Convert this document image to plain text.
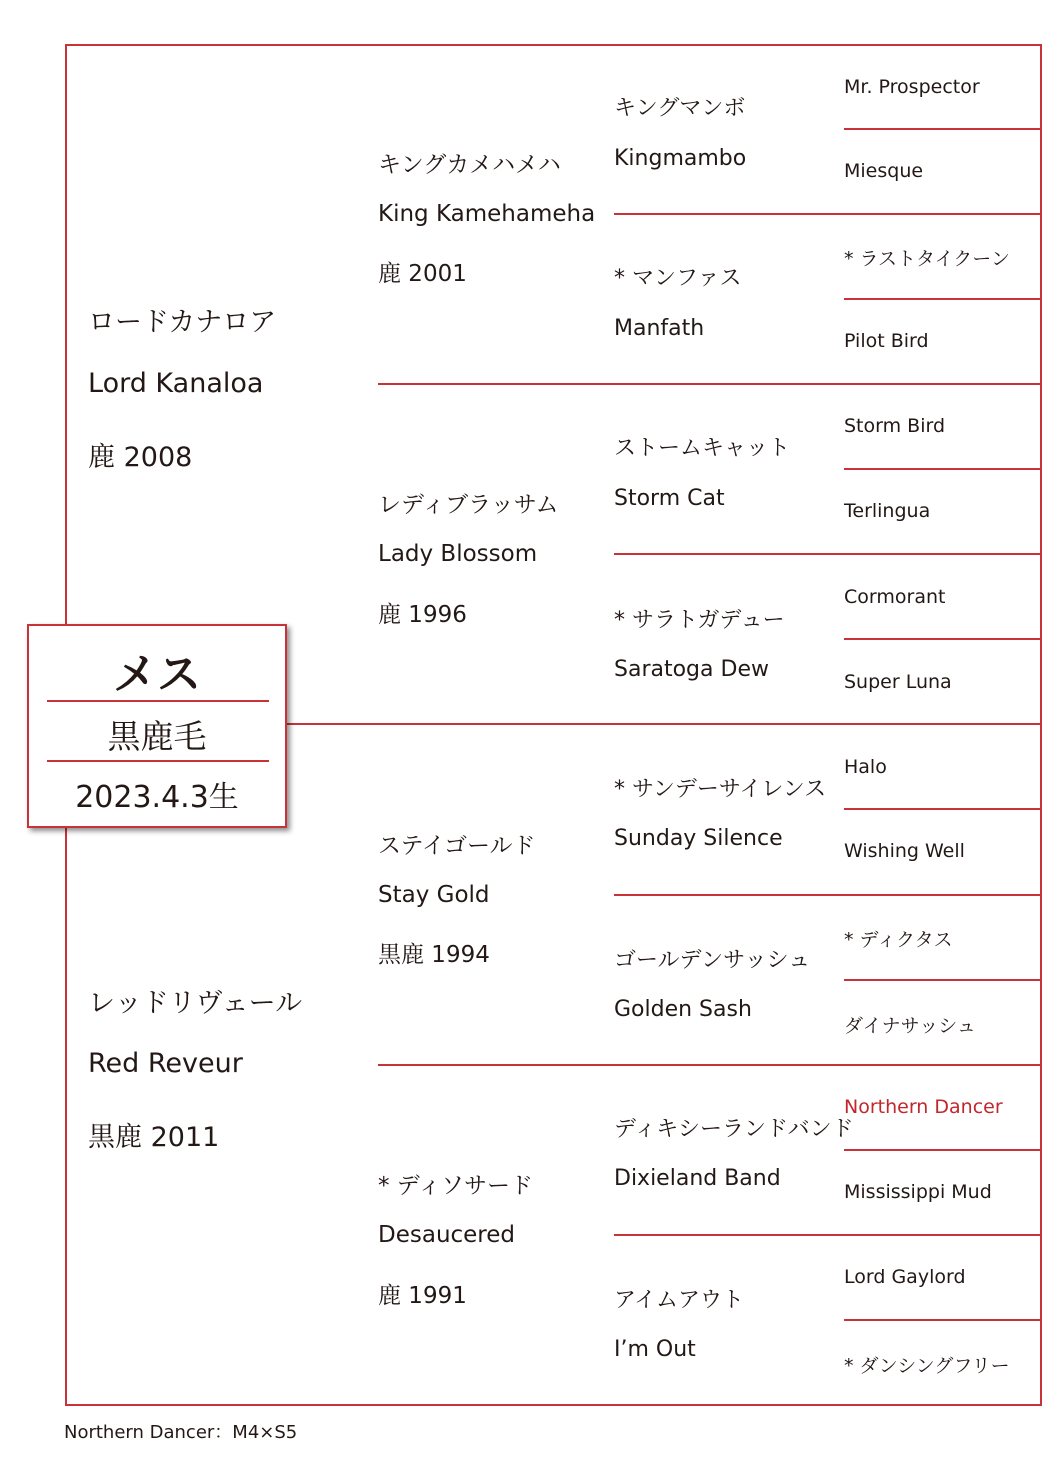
ロードカナロア
Lord Kanaloa
鹿 2008
レッドリヴェール
Red Reveur
黒鹿 2011
キングカメハメハ
King Kamehameha
鹿 2001
レディブラッサム
Lady Blossom
鹿 1996
ステイゴールド
Stay Gold
黒鹿 1994
* ディソサード
Desaucered
鹿 1991
キングマンボ
Kingmambo
* マンファス
Manfath
ストームキャット
Storm Cat
* サラトガデュー
Saratoga Dew
* サンデーサイレンス
Sunday Silence
ゴールデンサッシュ
Golden Sash
ディキシーランドバンド
Dixieland Band
アイムアウト
I’m Out
Mr. Prospector
Miesque
* ラストタイクーン
Pilot Bird
Storm Bird
Terlingua
Cormorant
Super Luna
Halo
Wishing Well
* ディクタス
ダイナサッシュ
Northern Dancer
Mississippi Mud
Lord Gaylord
* ダンシングフリー
メス
黒鹿毛
2023.4.3生
Northern Dancer：M4×S5
